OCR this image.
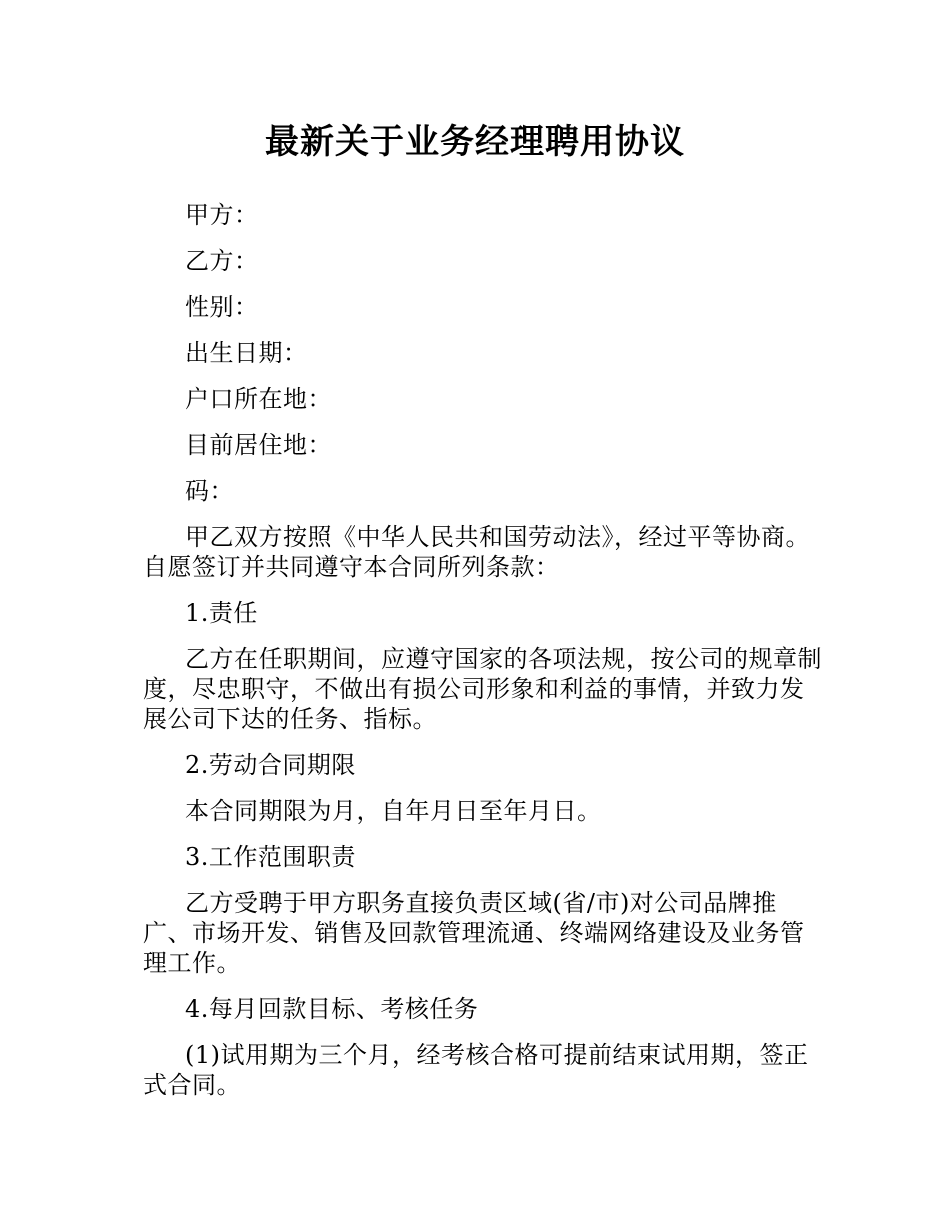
最新关于业务经理聘用协议

甲方：

乙方：

性别：

出生日期：

户口所在地：

目前居住地：

码：

甲乙双方按照《中华人民共和国劳动法》，经过平等协商。自愿签订并共同遵守本合同所列条款：

1.责任

乙方在任职期间，应遵守国家的各项法规，按公司的规章制度，尽忠职守，不做出有损公司形象和利益的事情，并致力发展公司下达的任务、指标。

2.劳动合同期限

本合同期限为月，自年月日至年月日。

3.工作范围职责

乙方受聘于甲方职务直接负责区域(省/市)对公司品牌推广、市场开发、销售及回款管理流通、终端网络建设及业务管理工作。

4.每月回款目标、考核任务

(1)试用期为三个月，经考核合格可提前结束试用期，签正式合同。
